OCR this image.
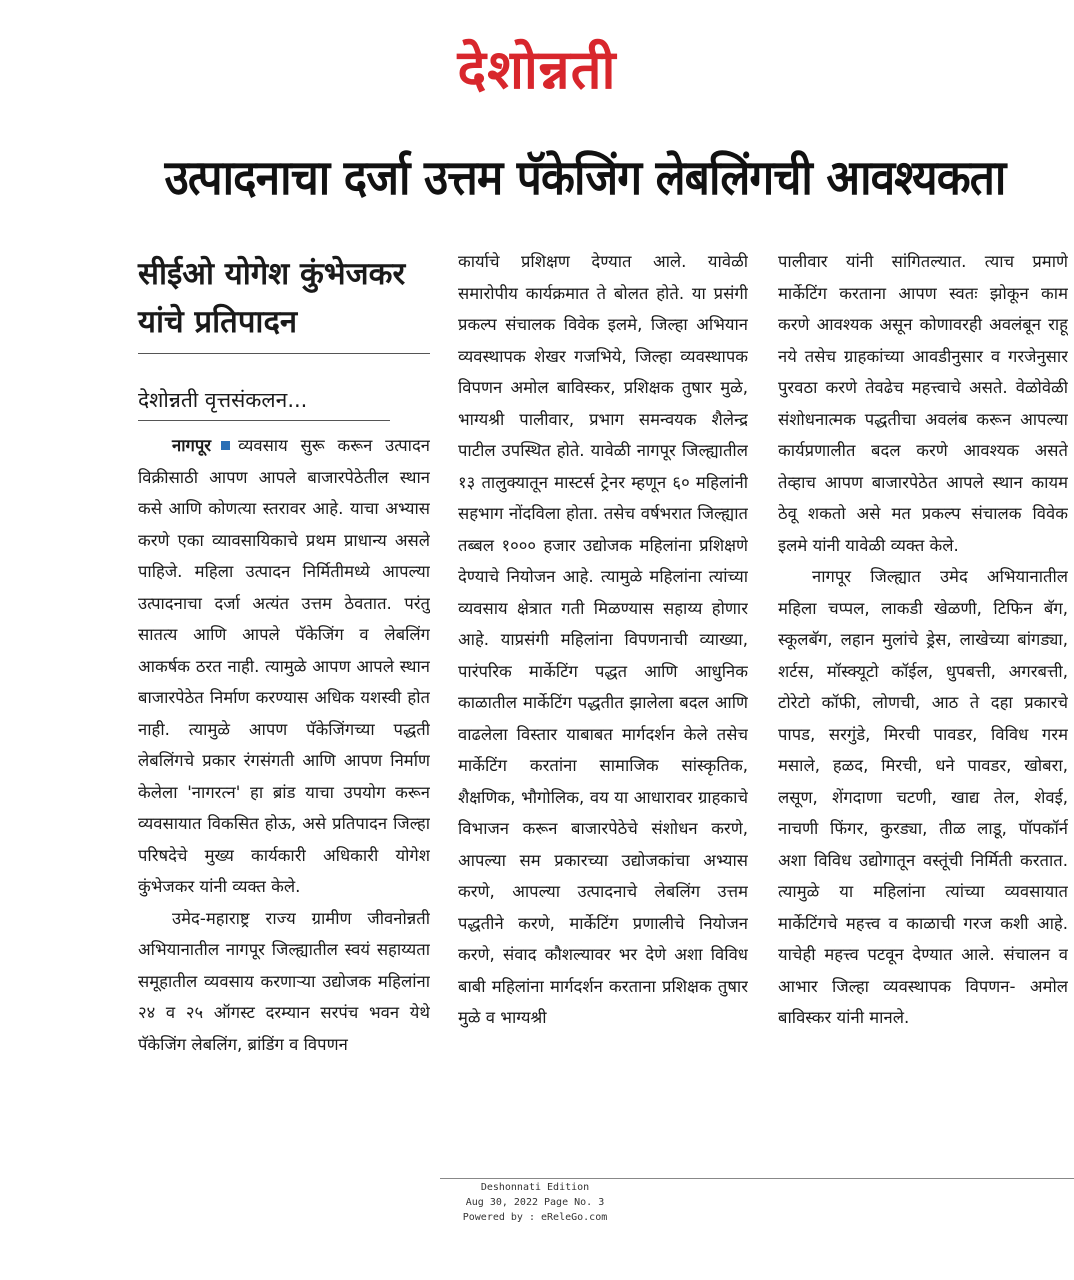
देशोन्नती
उत्पादनाचा दर्जा उत्तम पॅकेजिंग लेबलिंगची आवश्यकता
सीईओ योगेश कुंभेजकर
यांचे प्रतिपादन
देशोन्नती वृत्तसंकलन...

नागपूर व्यवसाय सुरू करून उत्पादन विक्रीसाठी आपण आपले बाजारपेठेतील स्थान कसे आणि कोणत्या स्तरावर आहे. याचा अभ्यास करणे एका व्यावसायिकाचे प्रथम प्राधान्य असले पाहिजे. महिला उत्पादन निर्मितीमध्ये आपल्या उत्पादनाचा दर्जा अत्यंत उत्तम ठेवतात. परंतु सातत्य आणि आपले पॅकेजिंग व लेबलिंग आकर्षक ठरत नाही. त्यामुळे आपण आपले स्थान बाजारपेठेत निर्माण करण्यास अधिक यशस्वी होत नाही. त्यामुळे आपण पॅकेजिंगच्या पद्धती लेबलिंगचे प्रकार रंगसंगती आणि आपण निर्माण केलेला 'नागरत्न' हा ब्रांड याचा उपयोग करून व्यवसायात विकसित होऊ, असे प्रतिपादन जिल्हा परिषदेचे मुख्य कार्यकारी अधिकारी योगेश कुंभेजकर यांनी व्यक्त केले.

उमेद-महाराष्ट्र राज्य ग्रामीण जीवनोन्नती अभियानातील नागपूर जिल्ह्यातील स्वयं सहाय्यता समूहातील व्यवसाय करणाऱ्या उद्योजक महिलांना २४ व २५ ऑगस्ट दरम्यान सरपंच भवन येथे पॅकेजिंग लेबलिंग, ब्रांडिंग व विपणन

कार्याचे प्रशिक्षण देण्यात आले. यावेळी समारोपीय कार्यक्रमात ते बोलत होते. या प्रसंगी प्रकल्प संचालक विवेक इलमे, जिल्हा अभियान व्यवस्थापक शेखर गजभिये, जिल्हा व्यवस्थापक विपणन अमोल बाविस्कर, प्रशिक्षक तुषार मुळे, भाग्यश्री पालीवार, प्रभाग समन्वयक शैलेन्द्र पाटील उपस्थित होते. यावेळी नागपूर जिल्ह्यातील १३ तालुक्यातून मास्टर्स ट्रेनर म्हणून ६० महिलांनी सहभाग नोंदविला होता. तसेच वर्षभरात जिल्ह्यात तब्बल १००० हजार उद्योजक महिलांना प्रशिक्षणे देण्याचे नियोजन आहे. त्यामुळे महिलांना त्यांच्या व्यवसाय क्षेत्रात गती मिळण्यास सहाय्य होणार आहे. याप्रसंगी महिलांना विपणनाची व्याख्या, पारंपरिक मार्केटिंग पद्धत आणि आधुनिक काळातील मार्केटिंग पद्धतीत झालेला बदल आणि वाढलेला विस्तार याबाबत मार्गदर्शन केले तसेच मार्केटिंग करतांना सामाजिक सांस्कृतिक, शैक्षणिक, भौगोलिक, वय या आधारावर ग्राहकाचे विभाजन करून बाजारपेठेचे संशोधन करणे, आपल्या सम प्रकारच्या उद्योजकांचा अभ्यास करणे, आपल्या उत्पादनाचे लेबलिंग उत्तम पद्धतीने करणे, मार्केटिंग प्रणालीचे नियोजन करणे, संवाद कौशल्यावर भर देणे अशा विविध बाबी महिलांना मार्गदर्शन करताना प्रशिक्षक तुषार मुळे व भाग्यश्री

पालीवार यांनी सांगितल्यात. त्याच प्रमाणे मार्केटिंग करताना आपण स्वतः झोकून काम करणे आवश्यक असून कोणावरही अवलंबून राहू नये तसेच ग्राहकांच्या आवडीनुसार व गरजेनुसार पुरवठा करणे तेवढेच महत्त्वाचे असते. वेळोवेळी संशोधनात्मक पद्धतीचा अवलंब करून आपल्या कार्यप्रणालीत बदल करणे आवश्यक असते तेव्हाच आपण बाजारपेठेत आपले स्थान कायम ठेवू शकतो असे मत प्रकल्प संचालक विवेक इलमे यांनी यावेळी व्यक्त केले.

नागपूर जिल्ह्यात उमेद अभियानातील महिला चप्पल, लाकडी खेळणी, टिफिन बॅग, स्कूलबॅग, लहान मुलांचे ड्रेस, लाखेच्या बांगड्या, शर्टस, मॉस्क्यूटो कॉईल, धुपबत्ती, अगरबत्ती, टोरेटो कॉफी, लोणची, आठ ते दहा प्रकारचे पापड, सरगुंडे, मिरची पावडर, विविध गरम मसाले, हळद, मिरची, धने पावडर, खोबरा, लसूण, शेंगदाणा चटणी, खाद्य तेल, शेवई, नाचणी फिंगर, कुरड्या, तीळ लाडू, पॉपकॉर्न अशा विविध उद्योगातून वस्तूंची निर्मिती करतात. त्यामुळे या महिलांना त्यांच्या व्यवसायात मार्केटिंगचे महत्त्व व काळाची गरज कशी आहे. याचेही महत्त्व पटवून देण्यात आले. संचालन व आभार जिल्हा व्यवस्थापक विपणन- अमोल बाविस्कर यांनी मानले.

Deshonnati Edition
Aug 30, 2022 Page No. 3
Powered by : eReleGo.com
